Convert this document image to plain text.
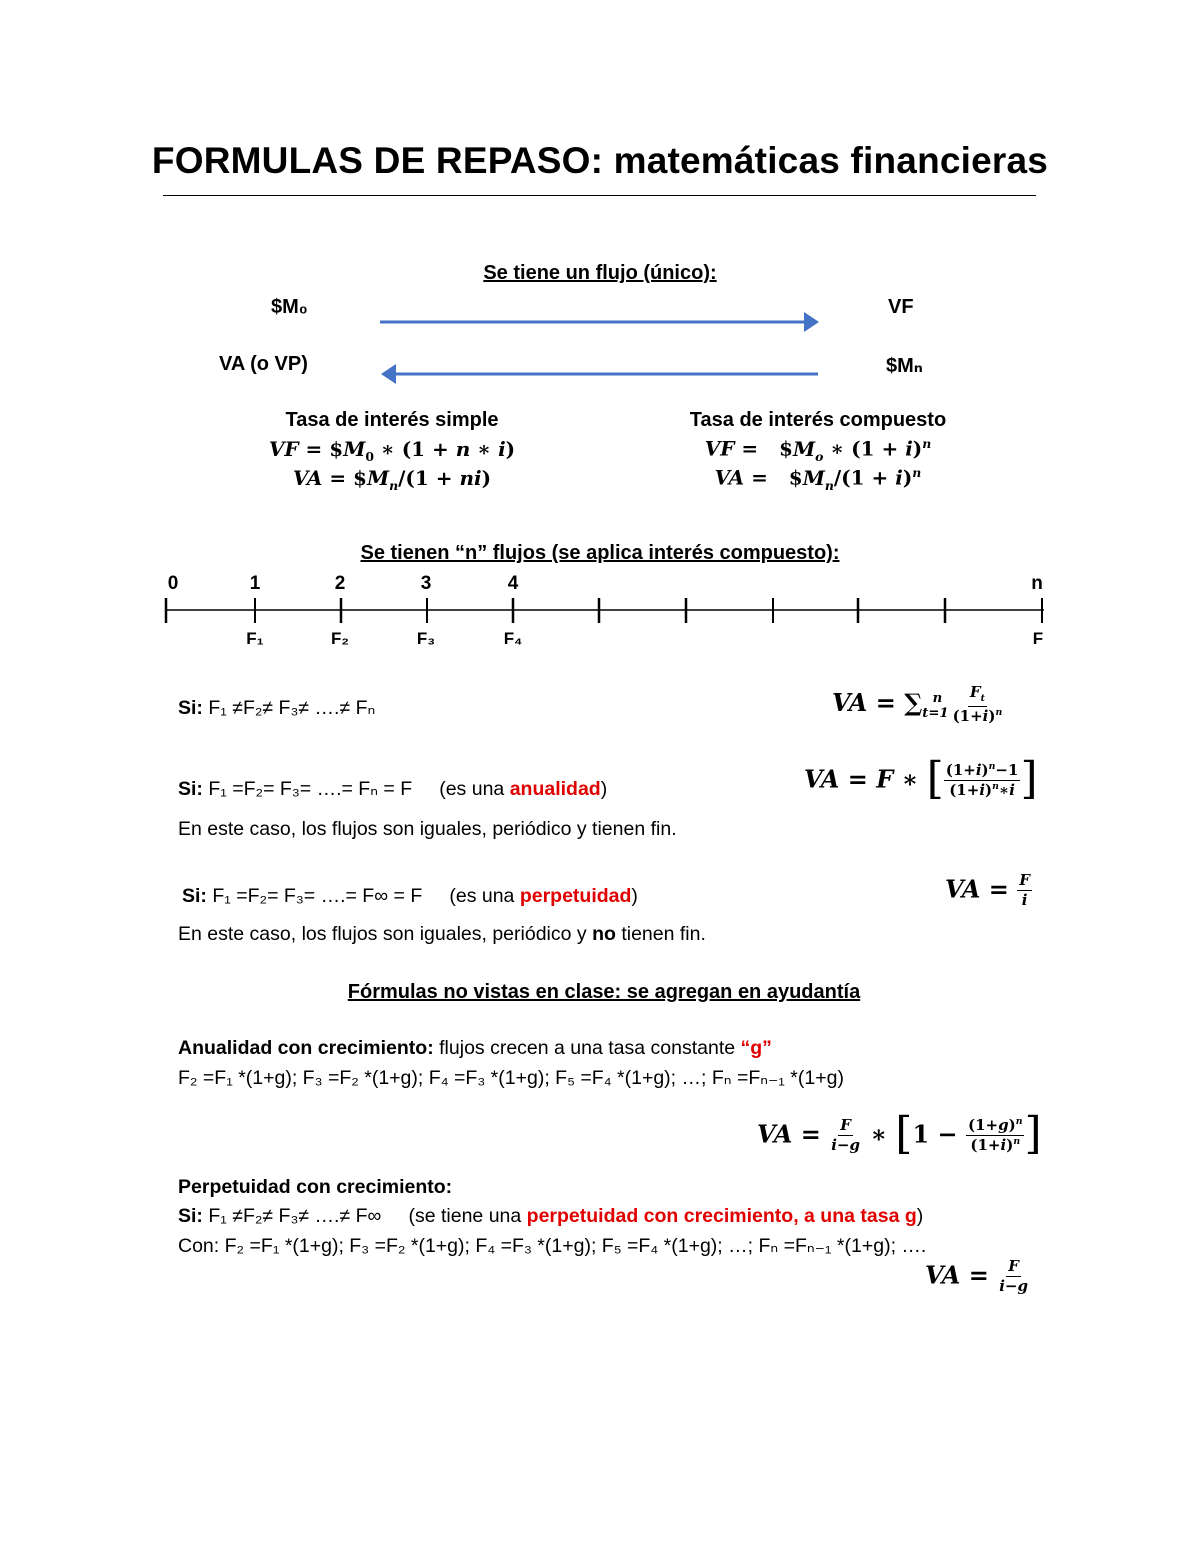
FORMULAS DE REPASO: matemáticas financieras
Se tiene un flujo (único):
$M₀	VF
VA (o VP)	$Mₙ
Tasa de interés simple
VF = $\$M_0$ ∗ (1 + n ∗ i)
VA = $\$M_n/(1 + ni)$
Tasa de interés compuesto
VF =   $\$M_o$ ∗ $(1 + i)^n$
VA =   $\$M_n/(1 + i)^n$
Se tienen “n” flujos (se aplica interés compuesto):
0	1	2	3	4	n
F₁	F₂	F₃	F₄	F
Si: F₁ ≠F₂≠ F₃≠ ….≠ Fₙ	VA = $\sum_{t=1}^n \frac{F_t}{(1+i)^n}$
Si: F₁ =F₂= F₃= ….= Fₙ = F (es una anualidad)
En este caso, los flujos son iguales, periódico y tienen fin.
VA = F ∗ [ $\frac{(1+i)^n-1}{(1+i)^n∗i}$ ]
Si: F₁ =F₂= F₃= ….= F∞ = F (es una perpetuidad)
En este caso, los flujos son iguales, periódico y no tienen fin.
VA = $\frac{F}{i}$
Fórmulas no vistas en clase: se agregan en ayudantía
Anualidad con crecimiento: flujos crecen a una tasa constante “g”
F₂ =F₁ *(1+g); F₃ =F₂ *(1+g); F₄ =F₃ *(1+g); F₅ =F₄ *(1+g); …; Fₙ =Fₙ₋₁ *(1+g)
VA = $\frac{F}{i-g}$ ∗ [$1 - \frac{(1+g)^n}{(1+i)^n}$ ]
Perpetuidad con crecimiento:
Si: F₁ ≠F₂≠ F₃≠ ….≠ F∞ (se tiene una perpetuidad con crecimiento, a una tasa g)
Con: F₂ =F₁ *(1+g); F₃ =F₂ *(1+g); F₄ =F₃ *(1+g); F₅ =F₄ *(1+g); …; Fₙ =Fₙ₋₁ *(1+g); ….
VA = $\frac{F}{i-g}$
